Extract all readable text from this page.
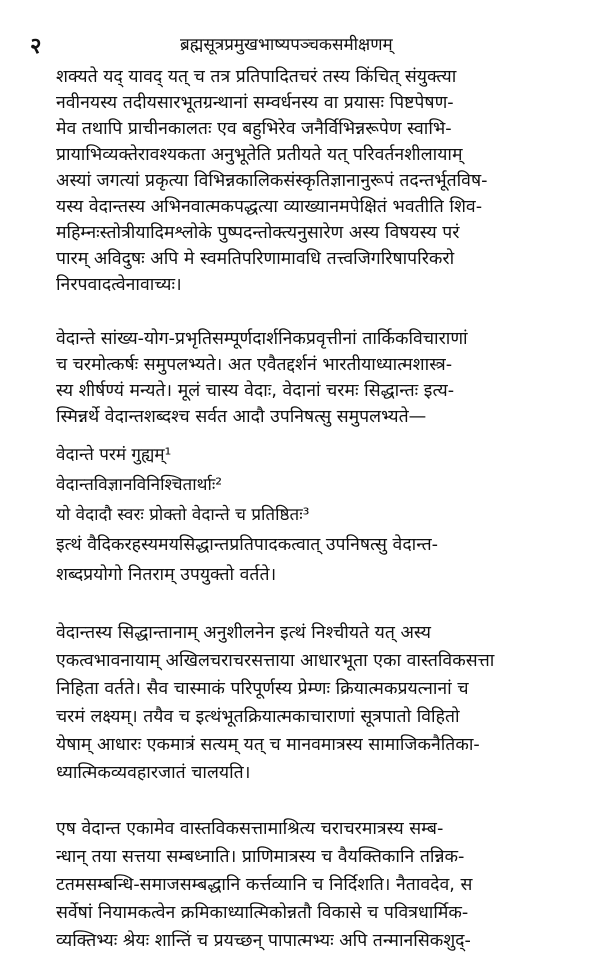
२	ब्रह्मसूत्रप्रमुखभाष्यपञ्चकसमीक्षणम्
शक्यते यद् यावद् यत् च तत्र प्रतिपादितचरं तस्य किंचित् संयुक्त्या
नवीनयस्य तदीयसारभूतग्रन्थानां सम्वर्धनस्य वा प्रयासः पिष्टपेषण-
मेव तथापि प्राचीनकालतः एव बहुभिरेव जनैर्विभिन्नरूपेण स्वाभि-
प्रायाभिव्यक्तेरावश्यकता अनुभूतेति प्रतीयते यत् परिवर्तनशीलायाम्
अस्यां जगत्यां प्रकृत्या विभिन्नकालिकसंस्कृतिज्ञानानुरूपं तदन्तर्भूतविष-
यस्य वेदान्तस्य अभिनवात्मकपद्धत्या व्याख्यानमपेक्षितं भवतीति शिव-
महिम्नःस्तोत्रीयादिमश्लोके पुष्पदन्तोक्त्यनुसारेण अस्य विषयस्य परं
पारम् अविदुषः अपि मे स्वमतिपरिणामावधि तत्त्वजिगरिषापरिकरो
निरपवादत्वेनावाच्यः।
वेदान्ते सांख्य-योग-प्रभृतिसम्पूर्णदार्शनिकप्रवृत्तीनां तार्किकविचाराणां
च चरमोत्कर्षः समुपलभ्यते। अत एवैतद्दर्शनं भारतीयाध्यात्मशास्त्र-
स्य शीर्षण्यं मन्यते। मूलं चास्य वेदाः, वेदानां चरमः सिद्धान्तः इत्य-
स्मिन्नर्थे वेदान्तशब्दश्च सर्वत आदौ उपनिषत्सु समुपलभ्यते—
वेदान्ते परमं गुह्यम्¹
वेदान्तविज्ञानविनिश्चितार्थाः²
यो वेदादौ स्वरः प्रोक्तो वेदान्ते च प्रतिष्ठितः³
इत्थं वैदिकरहस्यमयसिद्धान्तप्रतिपादकत्वात् उपनिषत्सु वेदान्त-
शब्दप्रयोगो नितराम् उपयुक्तो वर्तते।
वेदान्तस्य सिद्धान्तानाम् अनुशीलनेन इत्थं निश्चीयते यत् अस्य
एकत्वभावनायाम् अखिलचराचरसत्ताया आधारभूता एका वास्तविकसत्ता
निहिता वर्तते। सैव चास्माकं परिपूर्णस्य प्रेम्णः क्रियात्मकप्रयत्नानां च
चरमं लक्ष्यम्। तयैव च इत्थंभूतक्रियात्मकाचाराणां सूत्रपातो विहितो
येषाम् आधारः एकमात्रं सत्यम् यत् च मानवमात्रस्य सामाजिकनैतिका-
ध्यात्मिकव्यवहारजातं चालयति।
एष वेदान्त एकामेव वास्तविकसत्तामाश्रित्य चराचरमात्रस्य सम्ब-
न्धान् तया सत्तया सम्बध्नाति। प्राणिमात्रस्य च वैयक्तिकानि तन्निक-
टतमसम्बन्धि-समाजसम्बद्धानि कर्त्तव्यानि च निर्दिशति। नैतावदेव, स
सर्वेषां नियामकत्वेन क्रमिकाध्यात्मिकोन्नतौ विकासे च पवित्रधार्मिक-
व्यक्तिभ्यः श्रेयः शान्तिं च प्रयच्छन् पापात्मभ्यः अपि तन्मानसिकशुद्-
